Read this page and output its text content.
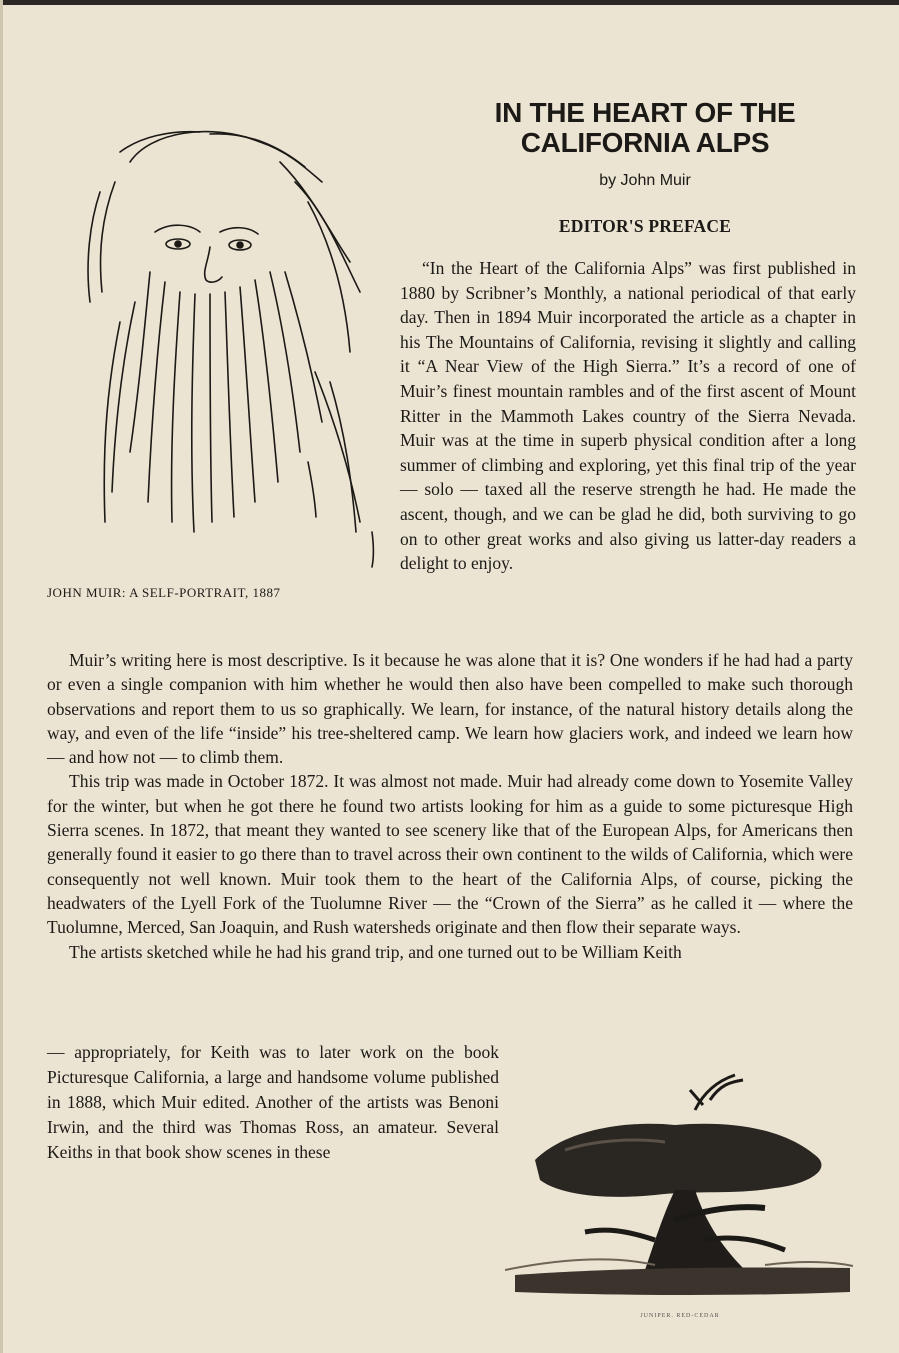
IN THE HEART OF THE
CALIFORNIA ALPS
by John Muir
EDITOR'S PREFACE
JOHN MUIR: A SELF-PORTRAIT, 1887

“In the Heart of the California Alps” was first published in 1880 by Scribner’s Monthly, a national periodical of that early day. Then in 1894 Muir incorporated the article as a chapter in his The Mountains of California, revising it slightly and calling it “A Near View of the High Sierra.” It’s a record of one of Muir’s finest mountain rambles and of the first ascent of Mount Ritter in the Mammoth Lakes country of the Sierra Nevada. Muir was at the time in superb physical condition after a long summer of climbing and exploring, yet this final trip of the year — solo — taxed all the reserve strength he had. He made the ascent, though, and we can be glad he did, both surviving to go on to other great works and also giving us latter-day readers a delight to enjoy.

Muir’s writing here is most descriptive. Is it because he was alone that it is? One wonders if he had had a party or even a single companion with him whether he would then also have been compelled to make such thorough observations and report them to us so graphically. We learn, for instance, of the natural history details along the way, and even of the life “inside” his tree-sheltered camp. We learn how glaciers work, and indeed we learn how — and how not — to climb them.

This trip was made in October 1872. It was almost not made. Muir had already come down to Yosemite Valley for the winter, but when he got there he found two artists looking for him as a guide to some picturesque High Sierra scenes. In 1872, that meant they wanted to see scenery like that of the European Alps, for Americans then generally found it easier to go there than to travel across their own continent to the wilds of California, which were consequently not well known. Muir took them to the heart of the California Alps, of course, picking the headwaters of the Lyell Fork of the Tuolumne River — the “Crown of the Sierra” as he called it — where the Tuolumne, Merced, San Joaquin, and Rush watersheds originate and then flow their separate ways.

The artists sketched while he had his grand trip, and one turned out to be William Keith

— appropriately, for Keith was to later work on the book Picturesque California, a large and handsome volume published in 1888, which Muir edited. Another of the artists was Benoni Irwin, and the third was Thomas Ross, an amateur. Several Keiths in that book show scenes in these

JUNIPER. RED-CEDAR
